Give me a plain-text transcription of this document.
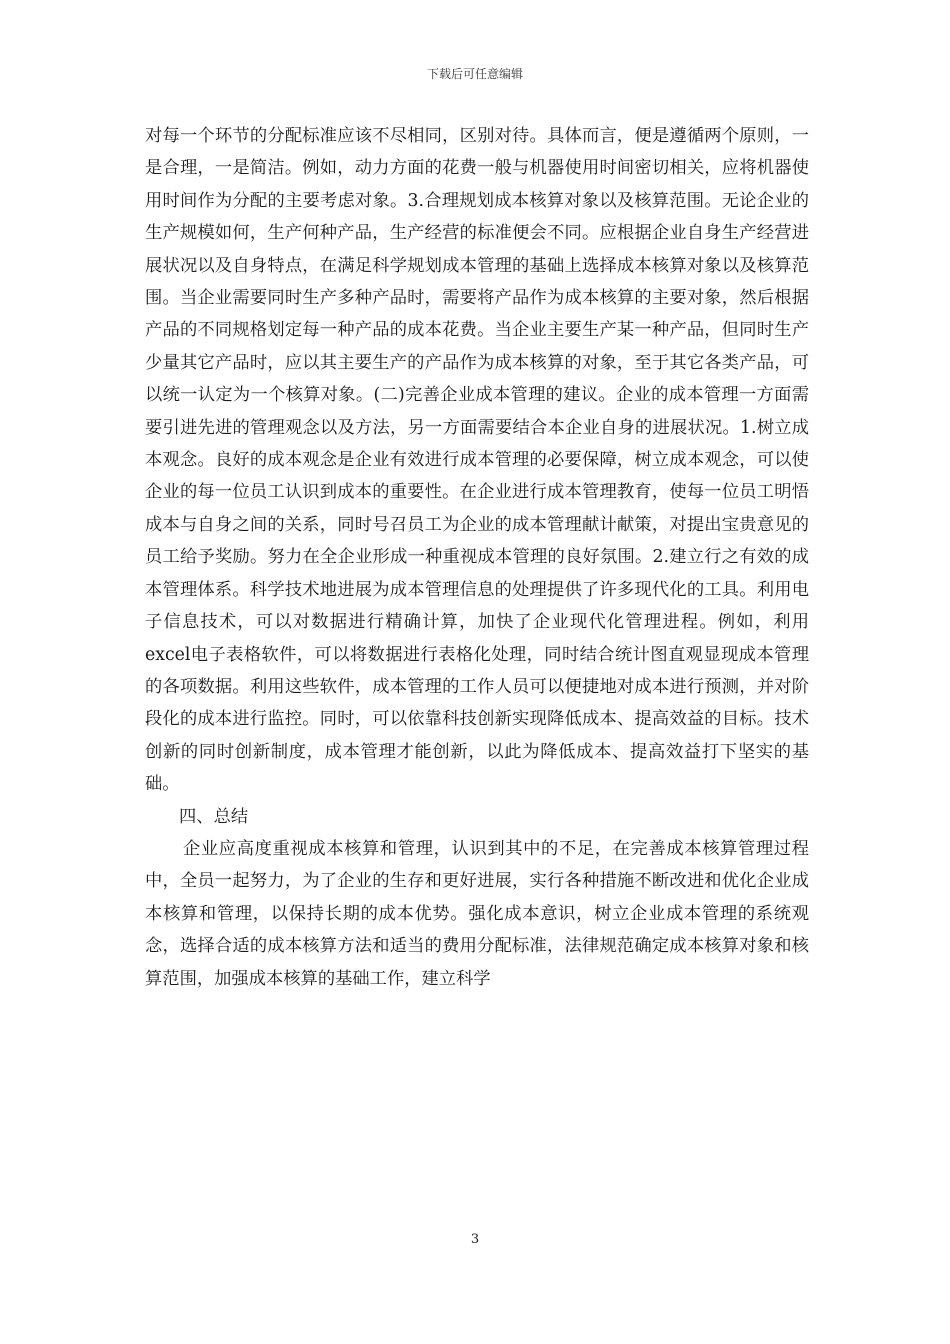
下载后可任意编辑

对每一个环节的分配标准应该不尽相同，区别对待。具体而言，便是遵循两个原则，一是合理，一是简洁。例如，动力方面的花费一般与机器使用时间密切相关，应将机器使用时间作为分配的主要考虑对象。3.合理规划成本核算对象以及核算范围。无论企业的生产规模如何，生产何种产品，生产经营的标准便会不同。应根据企业自身生产经营进展状况以及自身特点，在满足科学规划成本管理的基础上选择成本核算对象以及核算范围。当企业需要同时生产多种产品时，需要将产品作为成本核算的主要对象，然后根据产品的不同规格划定每一种产品的成本花费。当企业主要生产某一种产品，但同时生产少量其它产品时，应以其主要生产的产品作为成本核算的对象，至于其它各类产品，可以统一认定为一个核算对象。(二)完善企业成本管理的建议。企业的成本管理一方面需要引进先进的管理观念以及方法，另一方面需要结合本企业自身的进展状况。1.树立成本观念。良好的成本观念是企业有效进行成本管理的必要保障，树立成本观念，可以使企业的每一位员工认识到成本的重要性。在企业进行成本管理教育，使每一位员工明悟成本与自身之间的关系，同时号召员工为企业的成本管理献计献策，对提出宝贵意见的员工给予奖励。努力在全企业形成一种重视成本管理的良好氛围。2.建立行之有效的成本管理体系。科学技术地进展为成本管理信息的处理提供了许多现代化的工具。利用电子信息技术，可以对数据进行精确计算，加快了企业现代化管理进程。例如，利用excel电子表格软件，可以将数据进行表格化处理，同时结合统计图直观显现成本管理的各项数据。利用这些软件，成本管理的工作人员可以便捷地对成本进行预测，并对阶段化的成本进行监控。同时，可以依靠科技创新实现降低成本、提高效益的目标。技术创新的同时创新制度，成本管理才能创新，以此为降低成本、提高效益打下坚实的基础。

四、总结

企业应高度重视成本核算和管理，认识到其中的不足，在完善成本核算管理过程中，全员一起努力，为了企业的生存和更好进展，实行各种措施不断改进和优化企业成本核算和管理，以保持长期的成本优势。强化成本意识，树立企业成本管理的系统观念，选择合适的成本核算方法和适当的费用分配标准，法律规范确定成本核算对象和核算范围，加强成本核算的基础工作，建立科学

3
